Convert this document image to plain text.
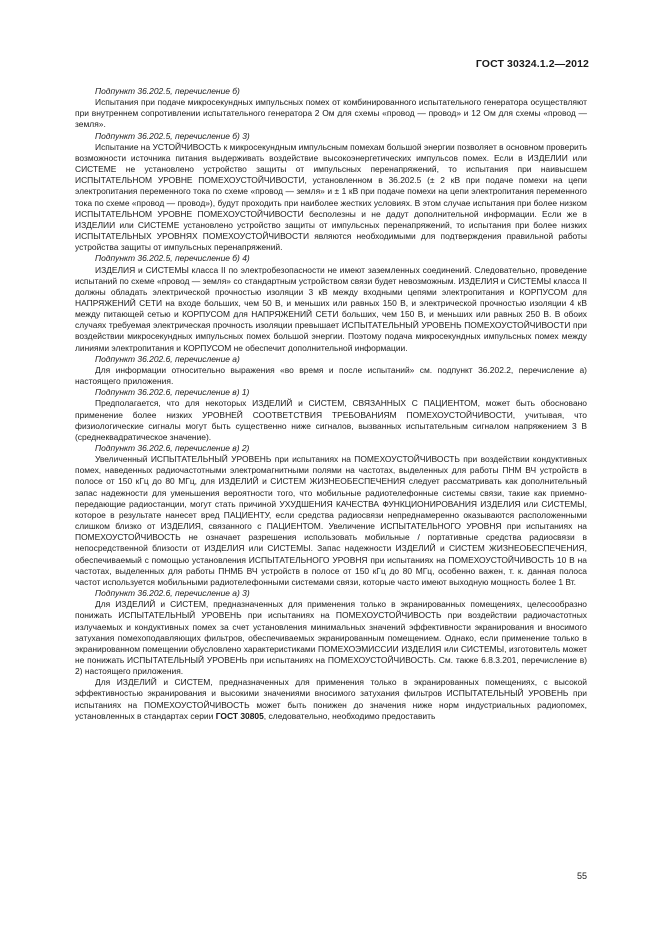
ГОСТ 30324.1.2—2012
Подпункт 36.202.5, перечисление б)

Испытания при подаче микросекундных импульсных помех от комбинированного испытательного генератора осуществляют при внутреннем сопротивлении испытательного генератора 2 Ом для схемы «провод — провод» и 12 Ом для схемы «провод — земля».

Подпункт 36.202.5, перечисление б) 3)

Испытание на УСТОЙЧИВОСТЬ к микросекундным импульсным помехам большой энергии позволяет в основном проверить возможности источника питания выдерживать воздействие высокоэнергетических импульсов помех. Если в ИЗДЕЛИИ или СИСТЕМЕ не установлено устройство защиты от импульсных перенапряжений, то испытания при наивысшем ИСПЫТАТЕЛЬНОМ УРОВНЕ ПОМЕХОУСТОЙЧИВОСТИ, установленном в 36.202.5 (± 2 кВ при подаче помехи на цепи электропитания переменного тока по схеме «провод — земля» и ± 1 кВ при подаче помехи на цепи электропитания переменного тока по схеме «провод — провод»), будут проходить при наиболее жестких условиях. В этом случае испытания при более низком ИСПЫТАТЕЛЬНОМ УРОВНЕ ПОМЕХОУСТОЙЧИВОСТИ бесполезны и не дадут дополнительной информации. Если же в ИЗДЕЛИИ или СИСТЕМЕ установлено устройство защиты от импульсных перенапряжений, то испытания при более низких ИСПЫТАТЕЛЬНЫХ УРОВНЯХ ПОМЕХОУСТОЙЧИВОСТИ являются необходимыми для подтверждения правильной работы устройства защиты от импульсных перенапряжений.

Подпункт 36.202.5, перечисление б) 4)

ИЗДЕЛИЯ и СИСТЕМЫ класса II по электробезопасности не имеют заземленных соединений. Следовательно, проведение испытаний по схеме «провод — земля» со стандартным устройством связи будет невозможным. ИЗДЕЛИЯ и СИСТЕМЫ класса II должны обладать электрической прочностью изоляции 3 кВ между входными цепями электропитания и КОРПУСОМ для НАПРЯЖЕНИЙ СЕТИ на входе больших, чем 50 В, и меньших или равных 150 В, и электрической прочностью изоляции 4 кВ между питающей сетью и КОРПУСОМ для НАПРЯЖЕНИЙ СЕТИ больших, чем 150 В, и меньших или равных 250 В. В обоих случаях требуемая электрическая прочность изоляции превышает ИСПЫТАТЕЛЬНЫЙ УРОВЕНЬ ПОМЕХОУСТОЙЧИВОСТИ при воздействии микросекундных импульсных помех большой энергии. Поэтому подача микросекундных импульсных помех между линиями электропитания и КОРПУСОМ не обеспечит дополнительной информации.

Подпункт 36.202.6, перечисление а)

Для информации относительно выражения «во время и после испытаний» см. подпункт 36.202.2, перечисление а) настоящего приложения.

Подпункт 36.202.6, перечисление в) 1)

Предполагается, что для некоторых ИЗДЕЛИЙ и СИСТЕМ, СВЯЗАННЫХ С ПАЦИЕНТОМ, может быть обосновано применение более низких УРОВНЕЙ СООТВЕТСТВИЯ ТРЕБОВАНИЯМ ПОМЕХОУСТОЙЧИВОСТИ, учитывая, что физиологические сигналы могут быть существенно ниже сигналов, вызванных испытательным сигналом напряжением 3 В (среднеквадратическое значение).

Подпункт 36.202.6, перечисление в) 2)

Увеличенный ИСПЫТАТЕЛЬНЫЙ УРОВЕНЬ при испытаниях на ПОМЕХОУСТОЙЧИВОСТЬ при воздействии кондуктивных помех, наведенных радиочастотными электромагнитными полями на частотах, выделенных для работы ПНМ ВЧ устройств в полосе от 150 кГц до 80 МГц, для ИЗДЕЛИЙ и СИСТЕМ ЖИЗНЕОБЕСПЕЧЕНИЯ следует рассматривать как дополнительный запас надежности для уменьшения вероятности того, что мобильные радиотелефонные системы связи, такие как приемно-передающие радиостанции, могут стать причиной УХУДШЕНИЯ КАЧЕСТВА ФУНКЦИОНИРОВАНИЯ ИЗДЕЛИЯ или СИСТЕМЫ, которое в результате нанесет вред ПАЦИЕНТУ, если средства радиосвязи непреднамеренно оказываются расположенными слишком близко от ИЗДЕЛИЯ, связанного с ПАЦИЕНТОМ. Увеличение ИСПЫТАТЕЛЬНОГО УРОВНЯ при испытаниях на ПОМЕХОУСТОЙЧИВОСТЬ не означает разрешения использовать мобильные / портативные средства радиосвязи в непосредственной близости от ИЗДЕЛИЯ или СИСТЕМЫ. Запас надежности ИЗДЕЛИЙ и СИСТЕМ ЖИЗНЕОБЕСПЕЧЕНИЯ, обеспечиваемый с помощью установления ИСПЫТАТЕЛЬНОГО УРОВНЯ при испытаниях на ПОМЕХОУСТОЙЧИВОСТЬ 10 В на частотах, выделенных для работы ПНМБ ВЧ устройств в полосе от 150 кГц до 80 МГц, особенно важен, т. к. данная полоса частот используется мобильными радиотелефонными системами связи, которые часто имеют выходную мощность более 1 Вт.

Подпункт 36.202.6, перечисление а) 3)

Для ИЗДЕЛИЙ и СИСТЕМ, предназначенных для применения только в экранированных помещениях, целесообразно понижать ИСПЫТАТЕЛЬНЫЙ УРОВЕНЬ при испытаниях на ПОМЕХОУСТОЙЧИВОСТЬ при воздействии радиочастотных излучаемых и кондуктивных помех за счет установления минимальных значений эффективности экранирования и вносимого затухания помехоподавляющих фильтров, обеспечиваемых экранированным помещением. Однако, если применение только в экранированном помещении обусловлено характеристиками ПОМЕХОЭМИССИИ ИЗДЕЛИЯ или СИСТЕМЫ, изготовитель может не понижать ИСПЫТАТЕЛЬНЫЙ УРОВЕНЬ при испытаниях на ПОМЕХОУСТОЙЧИВОСТЬ. См. также 6.8.3.201, перечисление в) 2) настоящего приложения.

Для ИЗДЕЛИЙ и СИСТЕМ, предназначенных для применения только в экранированных помещениях, с высокой эффективностью экранирования и высокими значениями вносимого затухания фильтров ИСПЫТАТЕЛЬНЫЙ УРОВЕНЬ при испытаниях на ПОМЕХОУСТОЙЧИВОСТЬ может быть понижен до значения ниже норм индустриальных радиопомех, установленных в стандартах серии ГОСТ 30805, следовательно, необходимо предоставить

55
